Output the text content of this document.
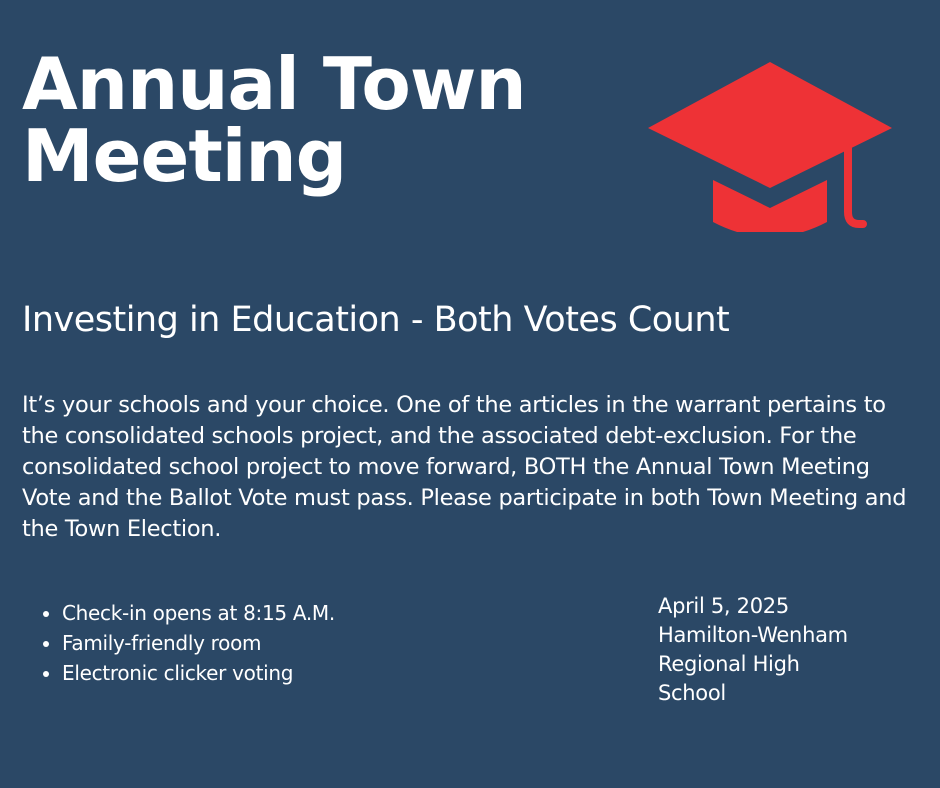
Annual Town
Meeting
Investing in Education - Both Votes Count

It’s your schools and your choice. One of the articles in the warrant pertains to the consolidated schools project, and the associated debt-exclusion. For the consolidated school project to move forward, BOTH the Annual Town Meeting Vote and the Ballot Vote must pass. Please participate in both Town Meeting and the Town Election.

• Check-in opens at 8:15 A.M.
• Family-friendly room
• Electronic clicker voting
April 5, 2025
Hamilton-Wenham
Regional High
School
